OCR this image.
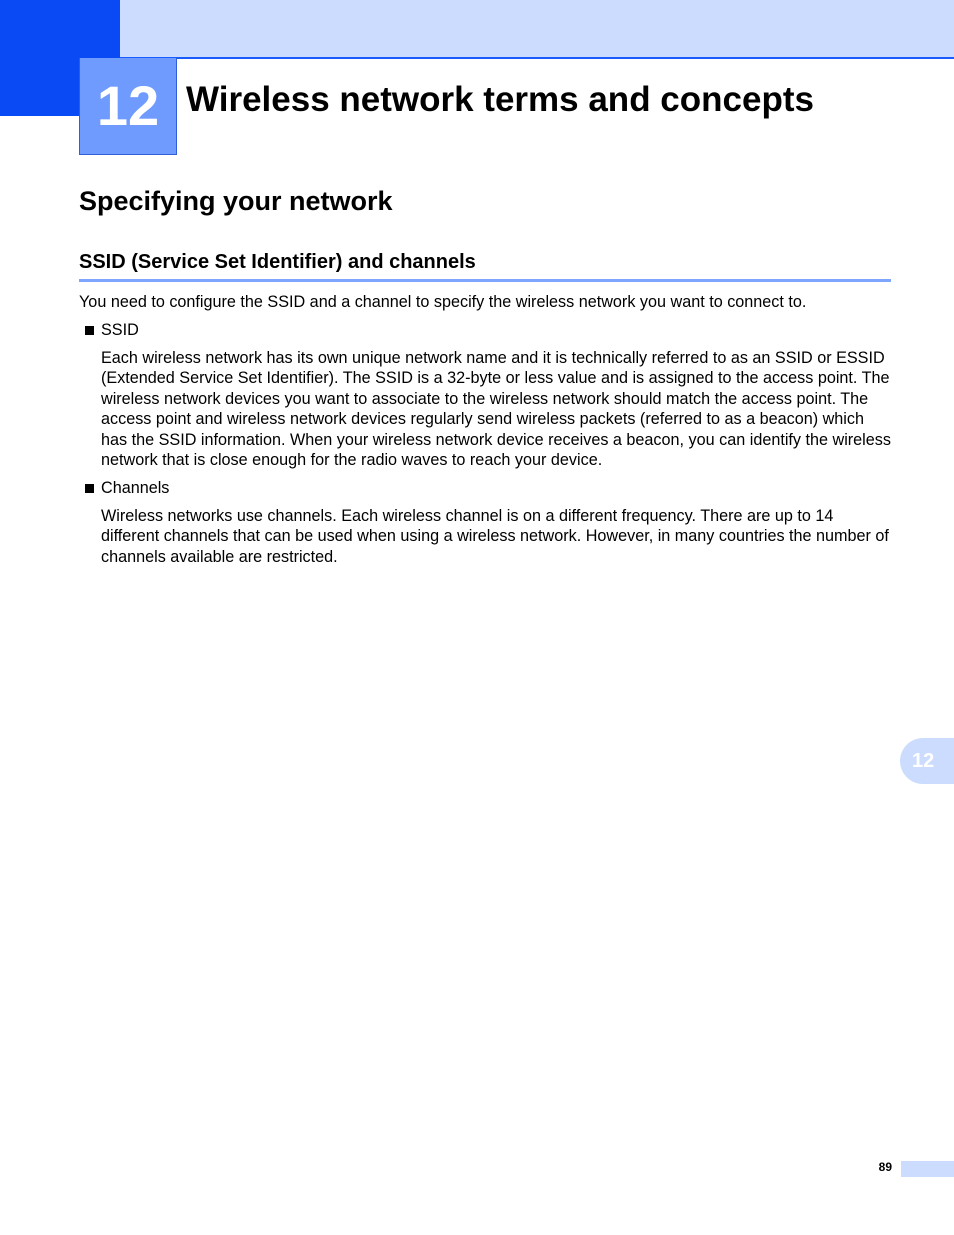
12 Wireless network terms and concepts
Specifying your network
SSID (Service Set Identifier) and channels

You need to configure the SSID and a channel to specify the wireless network you want to connect to.

SSID

Each wireless network has its own unique network name and it is technically referred to as an SSID or ESSID (Extended Service Set Identifier). The SSID is a 32-byte or less value and is assigned to the access point. The wireless network devices you want to associate to the wireless network should match the access point. The access point and wireless network devices regularly send wireless packets (referred to as a beacon) which has the SSID information. When your wireless network device receives a beacon, you can identify the wireless network that is close enough for the radio waves to reach your device.

Channels

Wireless networks use channels. Each wireless channel is on a different frequency. There are up to 14 different channels that can be used when using a wireless network. However, in many countries the number of channels available are restricted.

12
89
